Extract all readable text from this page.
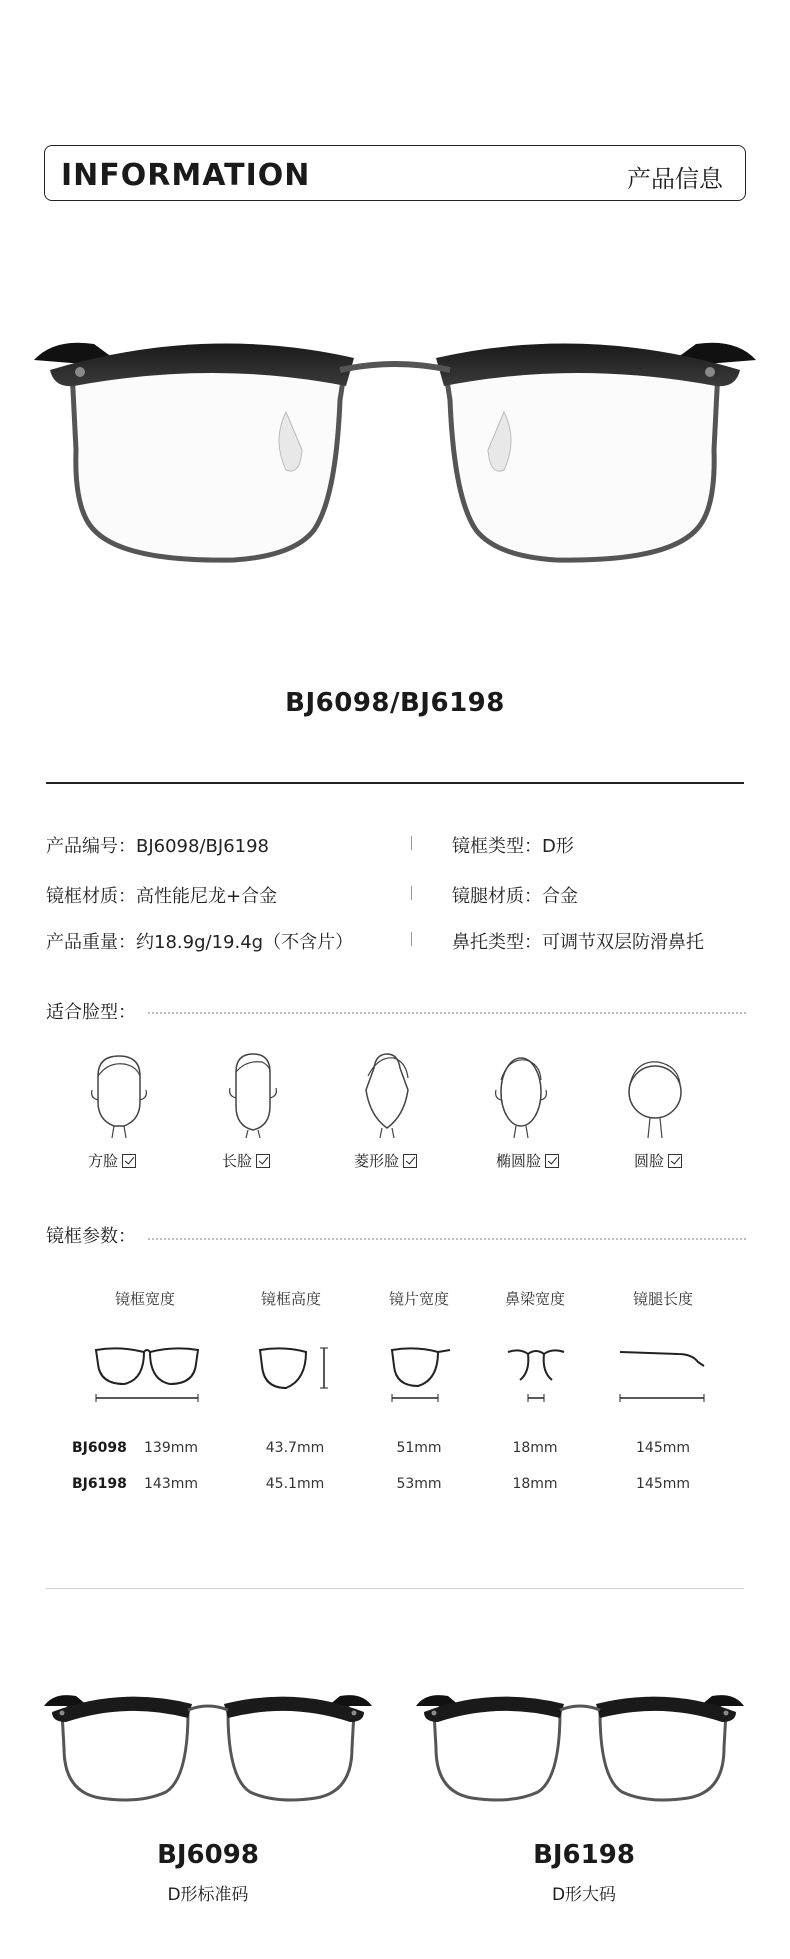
INFORMATION	产品信息
BJ6098/BJ6198
产品编号：BJ6098/BJ6198	镜框类型：D形
镜框材质：高性能尼龙+合金	镜腿材质：合金
产品重量：约18.9g/19.4g（不含片）	鼻托类型：可调节双层防滑鼻托
适合脸型：
方脸	长脸	菱形脸	椭圆脸	圆脸
镜框参数：
镜框宽度	镜框高度	镜片宽度	鼻梁宽度	镜腿长度
BJ6098	139mm	43.7mm	51mm	18mm	145mm
BJ6198	143mm	45.1mm	53mm	18mm	145mm
BJ6098
D形标准码
BJ6198
D形大码
